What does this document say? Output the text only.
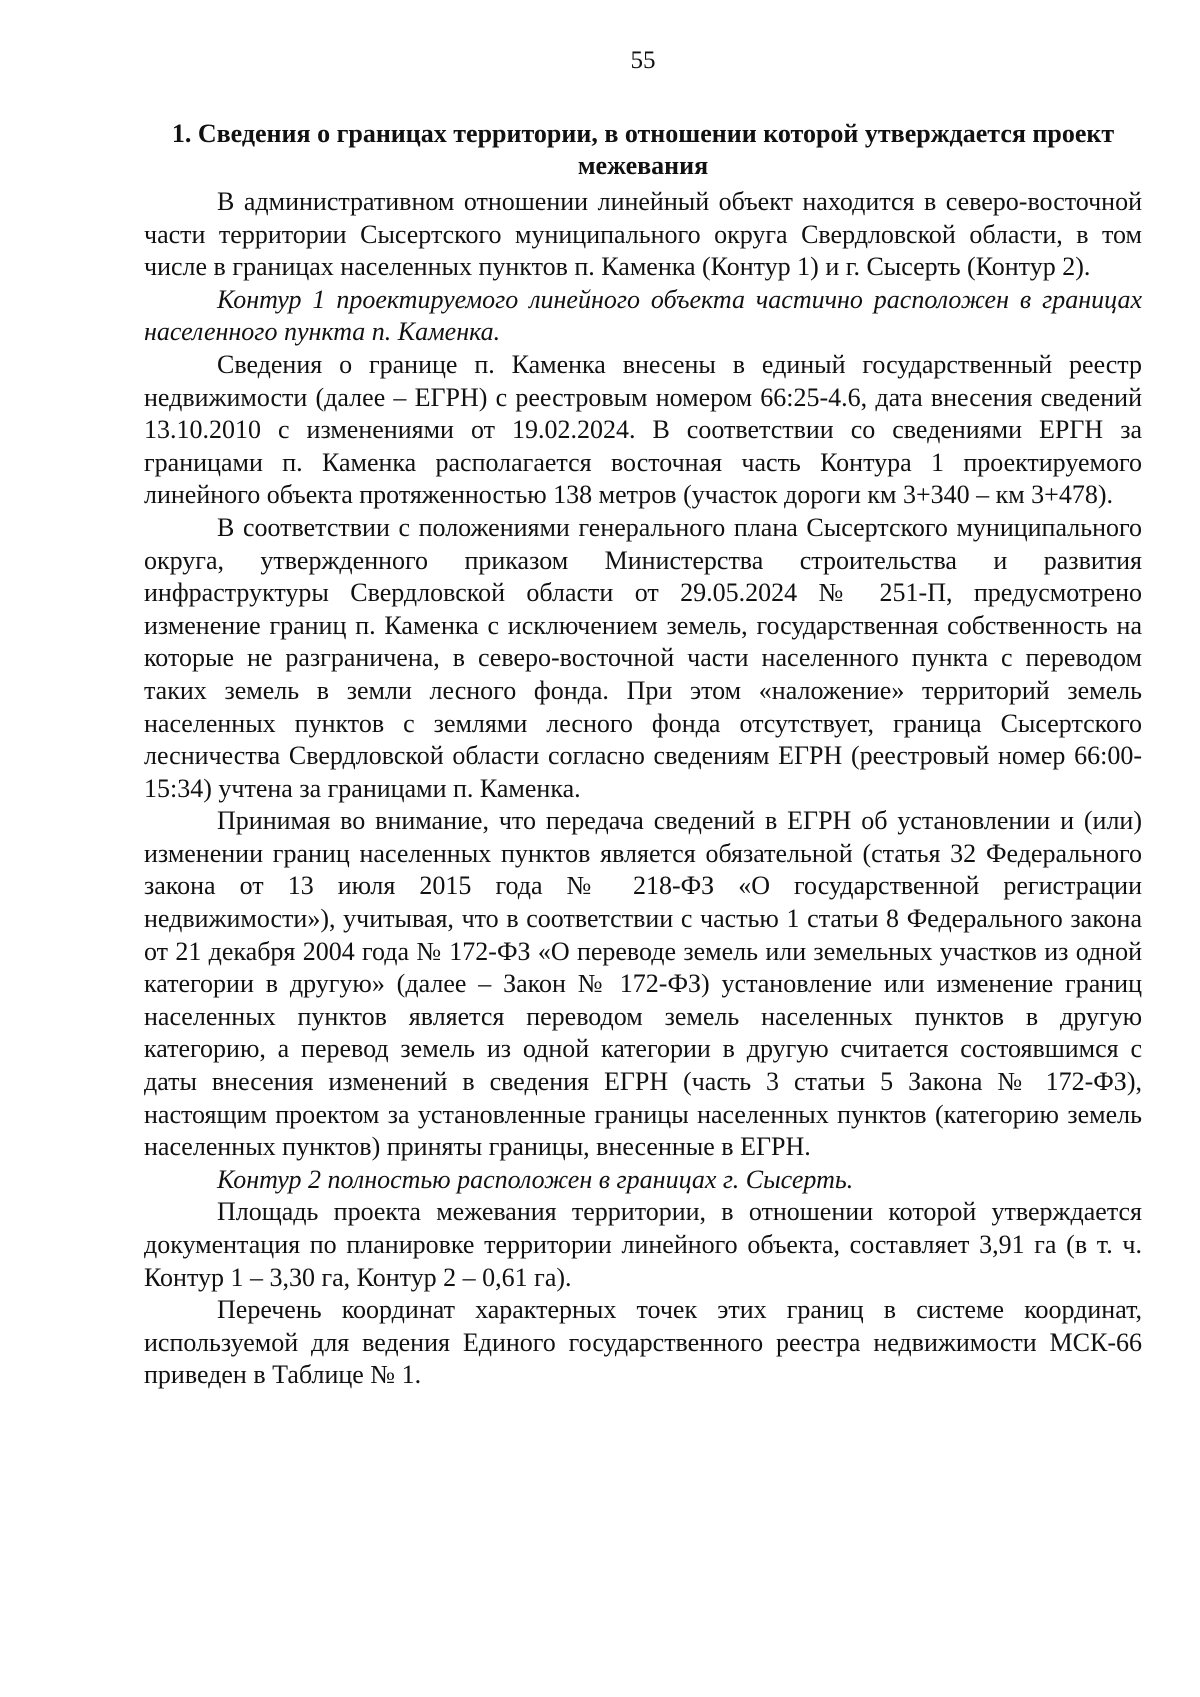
55
1. Сведения о границах территории, в отношении которой утверждается проект межевания

В административном отношении линейный объект находится в северо-восточной части территории Сысертского муниципального округа Свердловской области, в том числе в границах населенных пунктов п. Каменка (Контур 1) и г. Сысерть (Контур 2).

Контур 1 проектируемого линейного объекта частично расположен в границах населенного пункта п. Каменка.

Сведения о границе п. Каменка внесены в единый государственный реестр недвижимости (далее – ЕГРН) с реестровым номером 66:25-4.6, дата внесения сведений 13.10.2010 с изменениями от 19.02.2024. В соответствии со сведениями ЕРГН за границами п. Каменка располагается восточная часть Контура 1 проектируемого линейного объекта протяженностью 138 метров (участок дороги км 3+340 – км 3+478).

В соответствии с положениями генерального плана Сысертского муниципального округа, утвержденного приказом Министерства строительства и развития инфраструктуры Свердловской области от 29.05.2024 № 251-П, предусмотрено изменение границ п. Каменка с исключением земель, государственная собственность на которые не разграничена, в северо-восточной части населенного пункта с переводом таких земель в земли лесного фонда. При этом «наложение» территорий земель населенных пунктов с землями лесного фонда отсутствует, граница Сысертского лесничества Свердловской области согласно сведениям ЕГРН (реестровый номер 66:00-15:34) учтена за границами п. Каменка.

Принимая во внимание, что передача сведений в ЕГРН об установлении и (или) изменении границ населенных пунктов является обязательной (статья 32 Федерального закона от 13 июля 2015 года № 218-ФЗ «О государственной регистрации недвижимости»), учитывая, что в соответствии с частью 1 статьи 8 Федерального закона от 21 декабря 2004 года № 172-ФЗ «О переводе земель или земельных участков из одной категории в другую» (далее – Закон № 172-ФЗ) установление или изменение границ населенных пунктов является переводом земель населенных пунктов в другую категорию, а перевод земель из одной категории в другую считается состоявшимся с даты внесения изменений в сведения ЕГРН (часть 3 статьи 5 Закона № 172-ФЗ), настоящим проектом за установленные границы населенных пунктов (категорию земель населенных пунктов) приняты границы, внесенные в ЕГРН.

Контур 2 полностью расположен в границах г. Сысерть.

Площадь проекта межевания территории, в отношении которой утверждается документация по планировке территории линейного объекта, составляет 3,91 га (в т. ч. Контур 1 – 3,30 га, Контур 2 – 0,61 га).

Перечень координат характерных точек этих границ в системе координат, используемой для ведения Единого государственного реестра недвижимости МСК-66 приведен в Таблице № 1.
